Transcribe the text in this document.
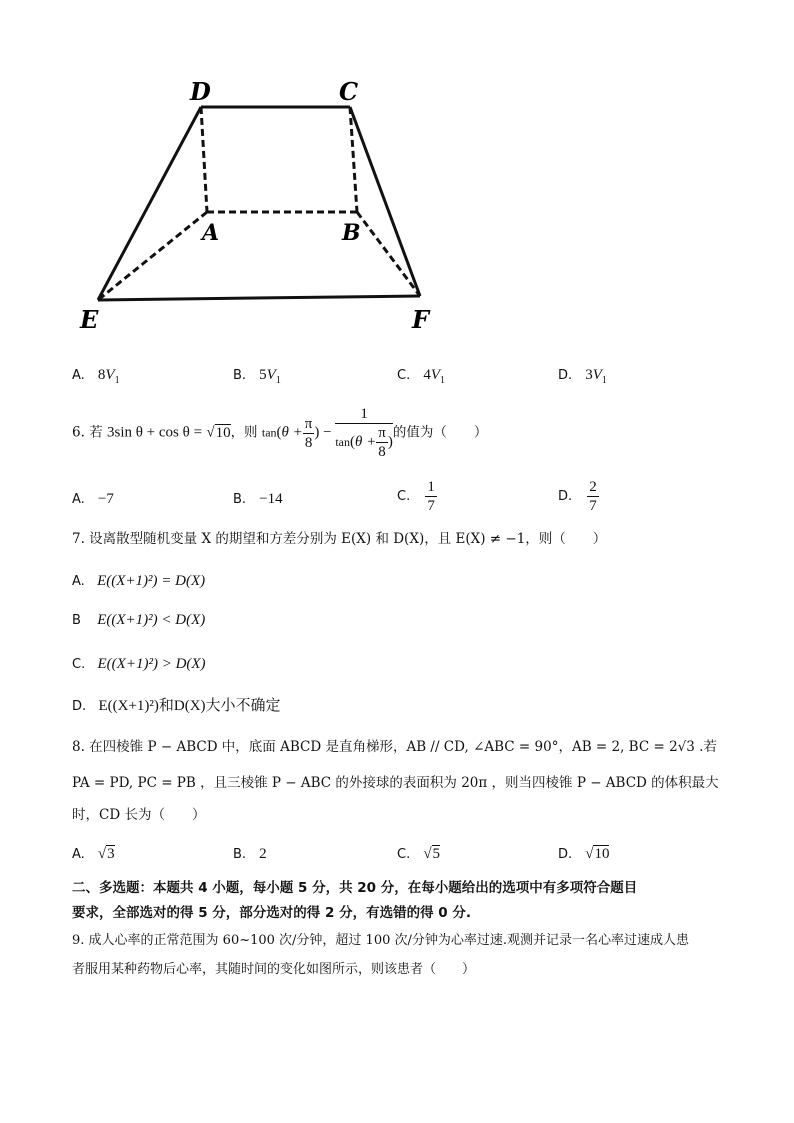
D	C
A	B
E	F
A. $8V_1$	B. $5V_1$	C. $4V_1$	D. $3V_1$
6. 若 3sin θ + cos θ = √10，则 $\tan(\theta + \frac{\pi}{8}$ ) − $\frac{1}{\tan(\theta + \frac{\pi}{8} )}$ 的值为（　　）
A. −7	B. −14	C. $\frac{1}{7}$	D. $\frac{2}{7}$
7. 设离散型随机变量 X 的期望和方差分别为 E(X) 和 D(X)，且 E(X) ≠ −1，则（　　）
A. E((X+1)²) = D(X)
B E((X+1)²) < D(X)
C. E((X+1)²) > D(X)
D. E((X+1)²)和D(X)大小不确定
8. 在四棱锥 P − ABCD 中，底面 ABCD 是直角梯形，AB // CD, ∠ABC = 90°，AB = 2, BC = 2√3 .若
PA = PD, PC = PB ，且三棱锥 P − ABC 的外接球的表面积为 20π ，则当四棱锥 P − ABCD 的体积最大
时，CD 长为（　　）
A. √3	B. 2	C. √5	D. √10
二、多选题：本题共 4 小题，每小题 5 分，共 20 分，在每小题给出的选项中有多项符合题目
要求，全部选对的得 5 分，部分选对的得 2 分，有选错的得 0 分.
9. 成人心率的正常范围为 60~100 次/分钟，超过 100 次/分钟为心率过速.观测并记录一名心率过速成人患
者服用某种药物后心率，其随时间的变化如图所示，则该患者（　　）
